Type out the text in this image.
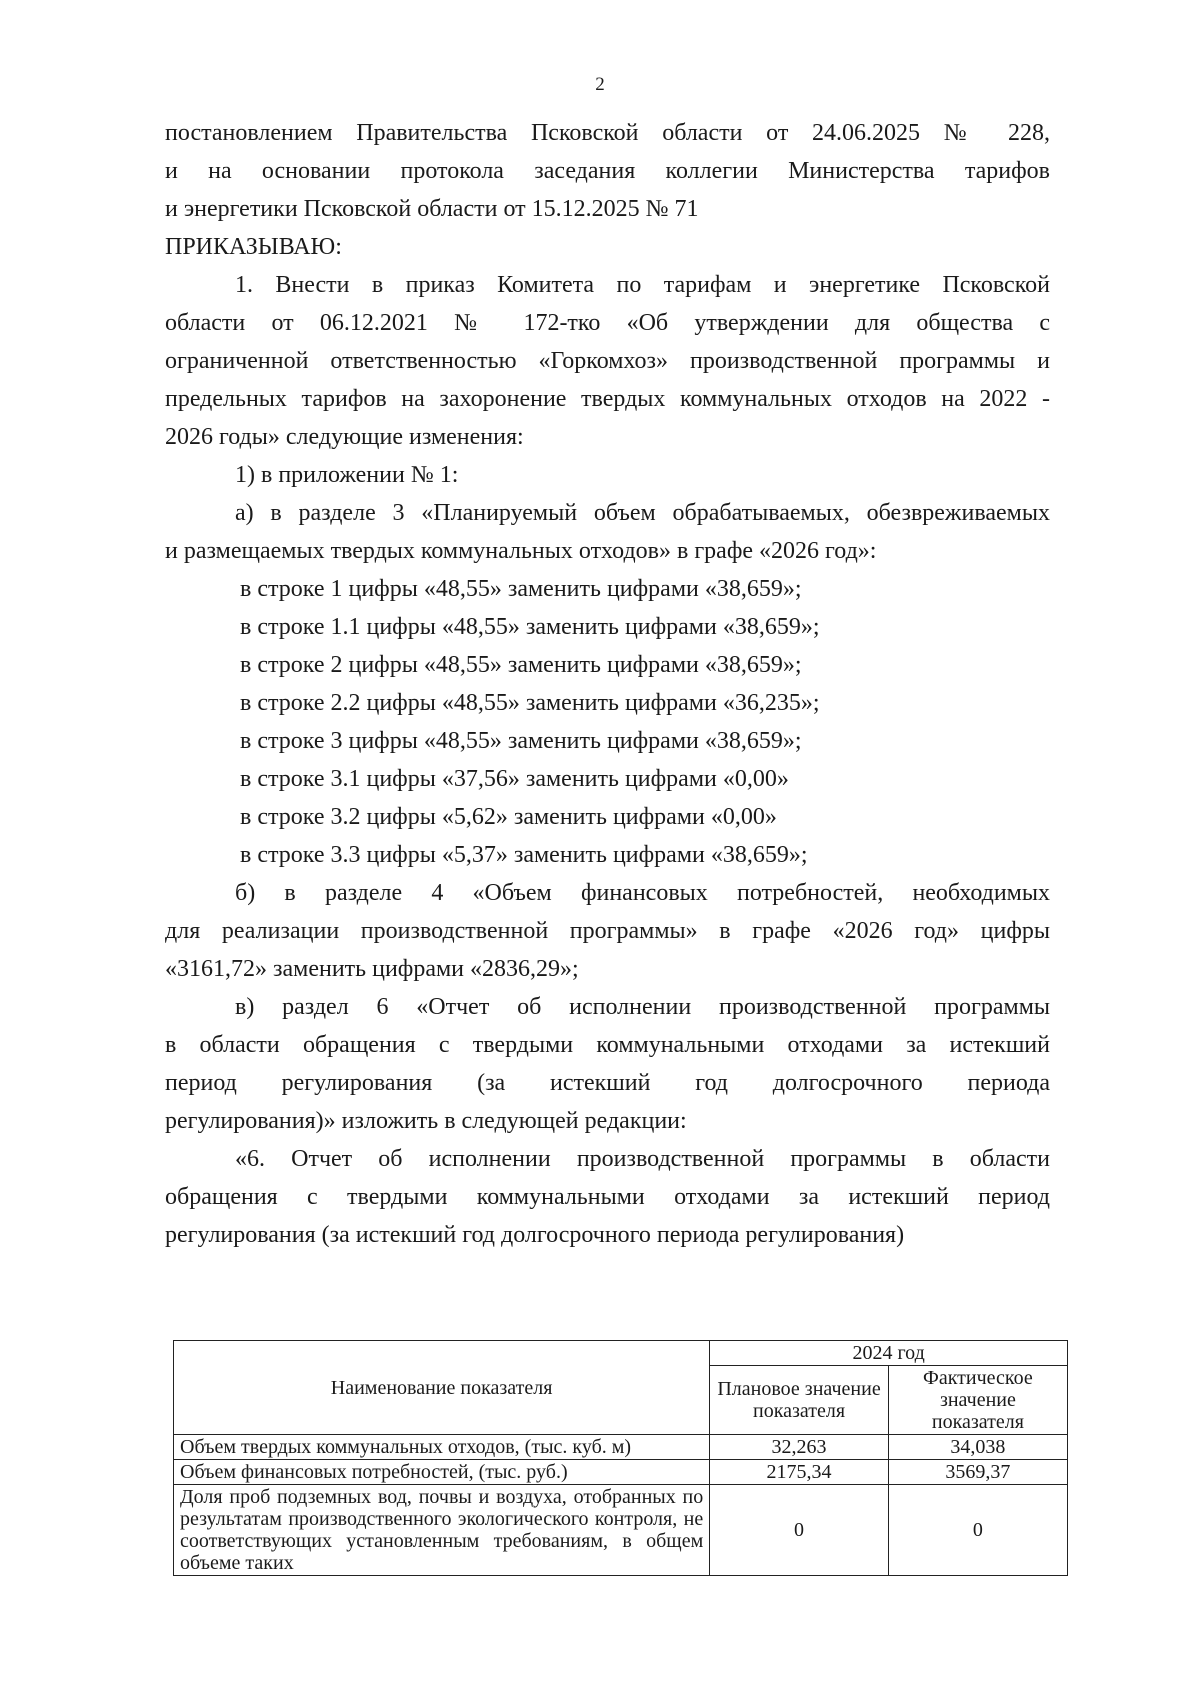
2

постановлением Правительства Псковской области от 24.06.2025 № 228,

и на основании протокола заседания коллегии Министерства тарифов

и энергетики Псковской области от 15.12.2025 № 71

ПРИКАЗЫВАЮ:

1. Внести в приказ Комитета по тарифам и энергетике Псковской

области от 06.12.2021 № 172-тко «Об утверждении для общества с

ограниченной ответственностью «Горкомхоз» производственной программы и

предельных тарифов на захоронение твердых коммунальных отходов на 2022 -

2026 годы» следующие изменения:

1) в приложении № 1:

а) в разделе 3 «Планируемый объем обрабатываемых, обезвреживаемых

и размещаемых твердых коммунальных отходов» в графе «2026 год»:

в строке 1 цифры «48,55» заменить цифрами «38,659»;

в строке 1.1 цифры «48,55» заменить цифрами «38,659»;

в строке 2 цифры «48,55» заменить цифрами «38,659»;

в строке 2.2 цифры «48,55» заменить цифрами «36,235»;

в строке 3 цифры «48,55» заменить цифрами «38,659»;

в строке 3.1 цифры «37,56» заменить цифрами «0,00»

в строке 3.2 цифры «5,62» заменить цифрами «0,00»

в строке 3.3 цифры «5,37» заменить цифрами «38,659»;

б) в разделе 4 «Объем финансовых потребностей, необходимых

для реализации производственной программы» в графе «2026 год» цифры

«3161,72» заменить цифрами «2836,29»;

в) раздел 6 «Отчет об исполнении производственной программы

в области обращения с твердыми коммунальными отходами за истекший

период регулирования (за истекший год долгосрочного периода

регулирования)» изложить в следующей редакции:

«6. Отчет об исполнении производственной программы в области

обращения с твердыми коммунальными отходами за истекший период

регулирования (за истекший год долгосрочного периода регулирования)

Наименование показателя	2024 год	
	Плановое значение показателя	Фактическое значение показателя
Объем твердых коммунальных отходов, (тыс. куб. м)	32,263	34,038
Объем финансовых потребностей, (тыс. руб.)	2175,34	3569,37
Доля проб подземных вод, почвы и воздуха, отобранных по результатам производственного экологического контроля, не соответствующих установленным требованиям, в общем объеме таких	0	0
